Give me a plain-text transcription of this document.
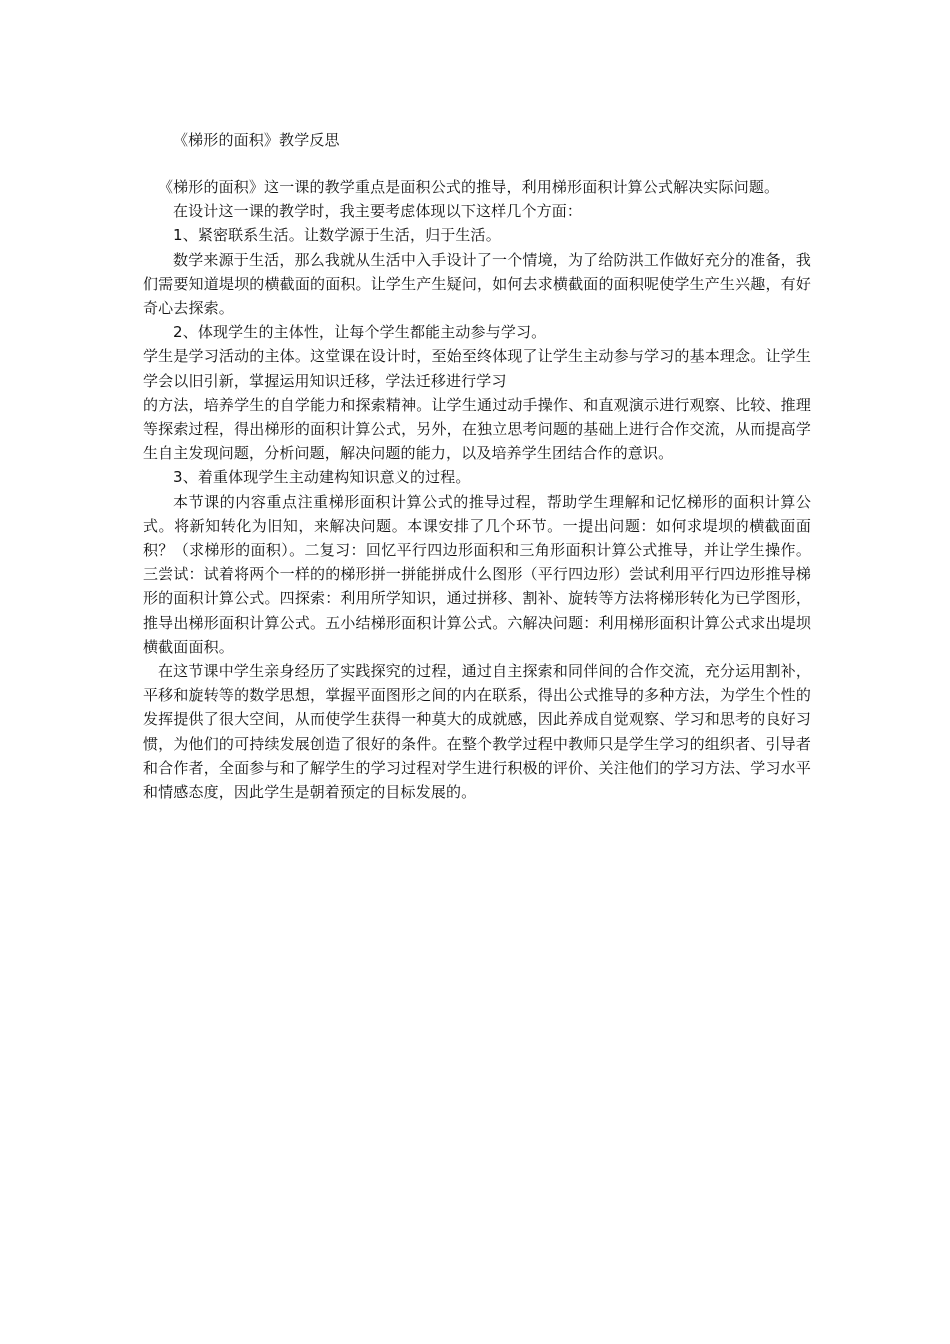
《梯形的面积》教学反思

《梯形的面积》这一课的教学重点是面积公式的推导，利用梯形面积计算公式解决实际问题。

在设计这一课的教学时，我主要考虑体现以下这样几个方面：

1、紧密联系生活。让数学源于生活，归于生活。

数学来源于生活，那么我就从生活中入手设计了一个情境，为了给防洪工作做好充分的准备，我们需要知道堤坝的横截面的面积。让学生产生疑问，如何去求横截面的面积呢使学生产生兴趣，有好奇心去探索。

2、体现学生的主体性，让每个学生都能主动参与学习。

学生是学习活动的主体。这堂课在设计时，至始至终体现了让学生主动参与学习的基本理念。让学生学会以旧引新，掌握运用知识迁移，学法迁移进行学习

的方法，培养学生的自学能力和探索精神。让学生通过动手操作、和直观演示进行观察、比较、推理等探索过程，得出梯形的面积计算公式，另外，在独立思考问题的基础上进行合作交流，从而提高学生自主发现问题，分析问题，解决问题的能力，以及培养学生团结合作的意识。

3、着重体现学生主动建构知识意义的过程。

本节课的内容重点注重梯形面积计算公式的推导过程，帮助学生理解和记忆梯形的面积计算公式。将新知转化为旧知，来解决问题。本课安排了几个环节。一提出问题：如何求堤坝的横截面面积？（求梯形的面积）。二复习：回忆平行四边形面积和三角形面积计算公式推导，并让学生操作。三尝试：试着将两个一样的的梯形拼一拼能拼成什么图形（平行四边形）尝试利用平行四边形推导梯形的面积计算公式。四探索：利用所学知识，通过拼移、割补、旋转等方法将梯形转化为已学图形，推导出梯形面积计算公式。五小结梯形面积计算公式。六解决问题：利用梯形面积计算公式求出堤坝横截面面积。

在这节课中学生亲身经历了实践探究的过程，通过自主探索和同伴间的合作交流，充分运用割补，平移和旋转等的数学思想，掌握平面图形之间的内在联系，得出公式推导的多种方法，为学生个性的发挥提供了很大空间，从而使学生获得一种莫大的成就感，因此养成自觉观察、学习和思考的良好习惯，为他们的可持续发展创造了很好的条件。在整个教学过程中教师只是学生学习的组织者、引导者和合作者，全面参与和了解学生的学习过程对学生进行积极的评价、关注他们的学习方法、学习水平和情感态度，因此学生是朝着预定的目标发展的。
